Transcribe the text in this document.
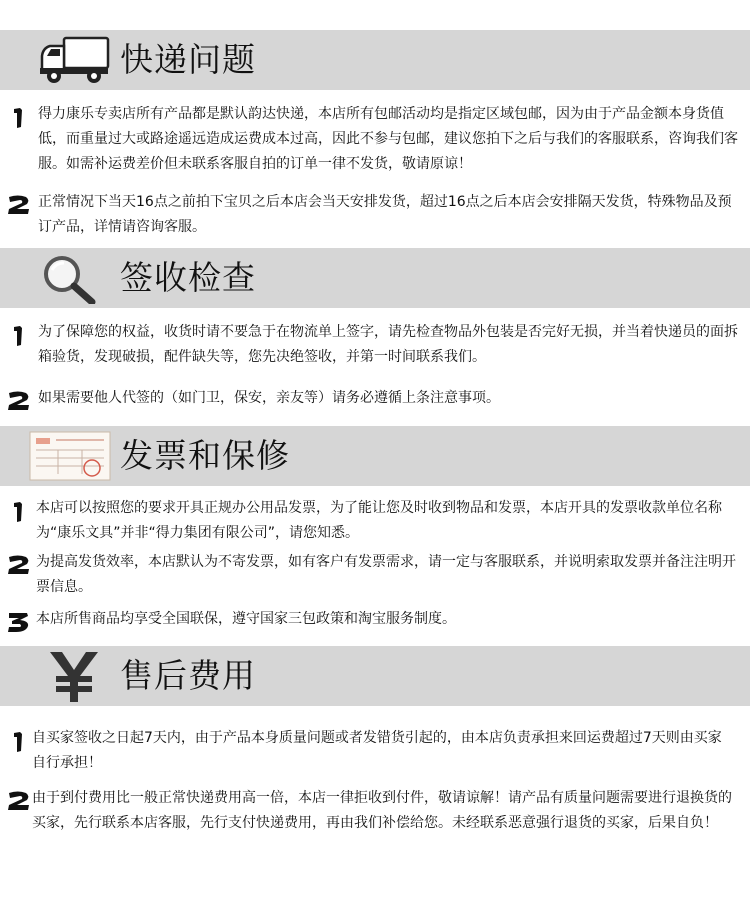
快递问题
得力康乐专卖店所有产品都是默认韵达快递，本店所有包邮活动均是指定区域包邮，因为由于产品金额本身货值低，而重量过大或路途遥远造成运费成本过高，因此不参与包邮，建议您拍下之后与我们的客服联系，咨询我们客服。如需补运费差价但未联系客服自拍的订单一律不发货，敬请原谅！
正常情况下当天16点之前拍下宝贝之后本店会当天安排发货，超过16点之后本店会安排隔天发货，特殊物品及预订产品，详情请咨询客服。
签收检查
为了保障您的权益，收货时请不要急于在物流单上签字，请先检查物品外包装是否完好无损，并当着快递员的面拆箱验货，发现破损，配件缺失等，您先决绝签收，并第一时间联系我们。
如果需要他人代签的（如门卫，保安，亲友等）请务必遵循上条注意事项。
发票和保修
本店可以按照您的要求开具正规办公用品发票，为了能让您及时收到物品和发票，本店开具的发票收款单位名称为“康乐文具”并非“得力集团有限公司”，请您知悉。
为提高发货效率，本店默认为不寄发票，如有客户有发票需求，请一定与客服联系，并说明索取发票并备注注明开票信息。
本店所售商品均享受全国联保，遵守国家三包政策和淘宝服务制度。
售后费用
自买家签收之日起7天内，由于产品本身质量问题或者发错货引起的，由本店负责承担来回运费超过7天则由买家自行承担！
由于到付费用比一般正常快递费用高一倍，本店一律拒收到付件，敬请谅解！请产品有质量问题需要进行退换货的买家，先行联系本店客服，先行支付快递费用，再由我们补偿给您。未经联系恶意强行退货的买家，后果自负！
